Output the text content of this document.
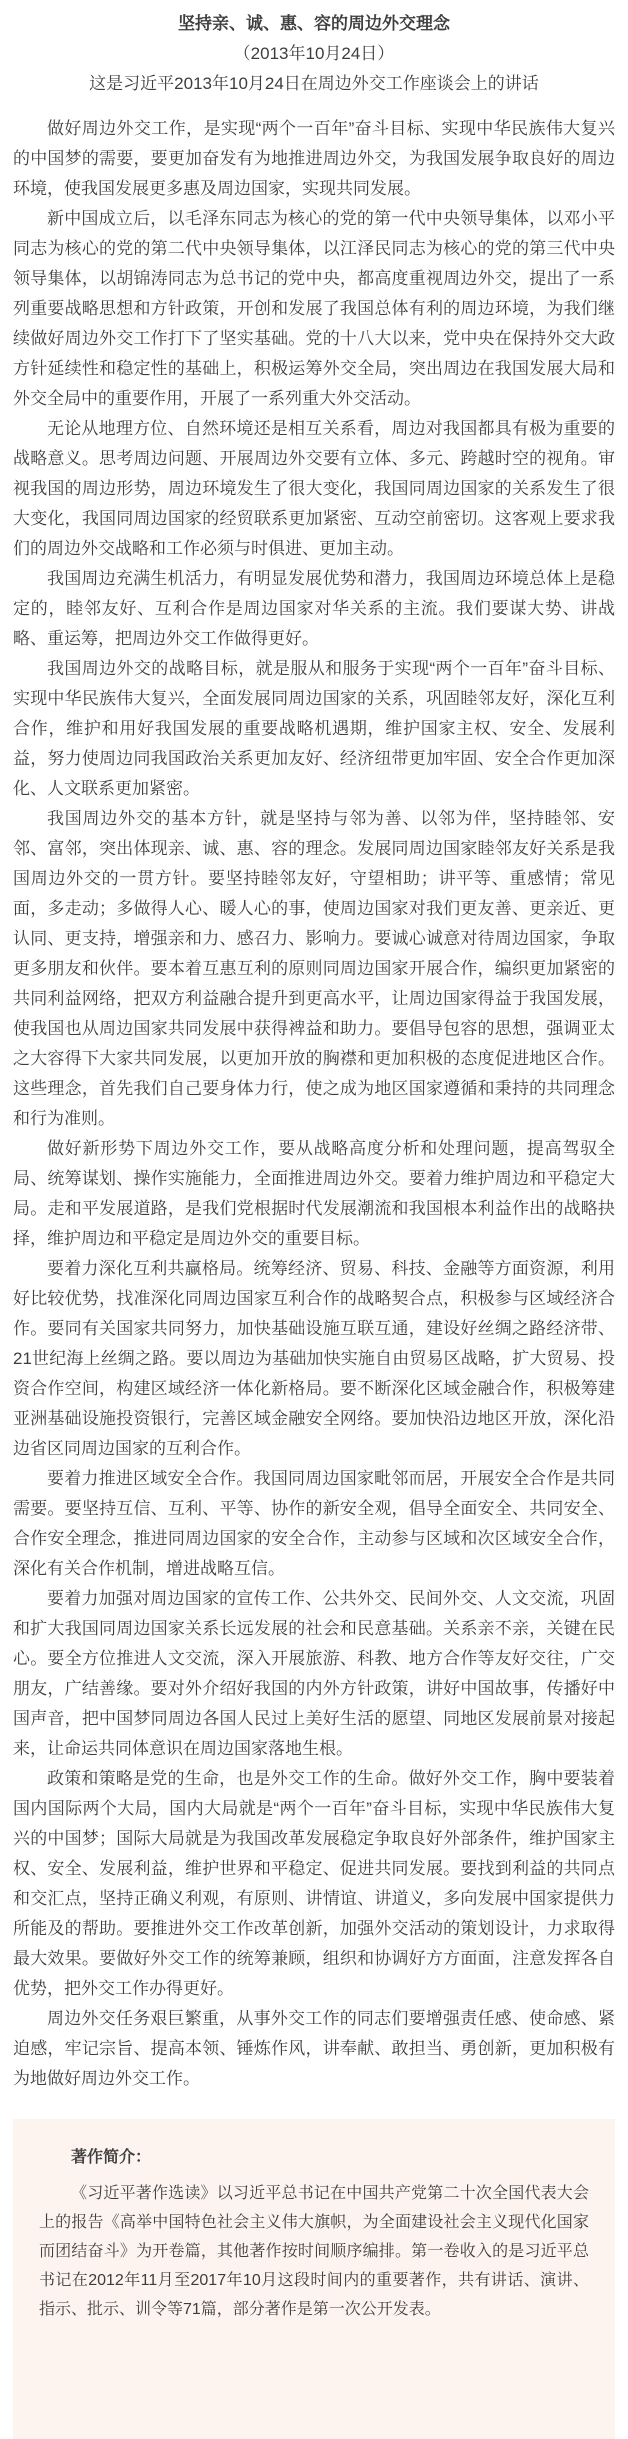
坚持亲、诚、惠、容的周边外交理念
（2013年10月24日）
这是习近平2013年10月24日在周边外交工作座谈会上的讲话

做好周边外交工作，是实现“两个一百年”奋斗目标、实现中华民族伟大复兴的中国梦的需要，要更加奋发有为地推进周边外交，为我国发展争取良好的周边环境，使我国发展更多惠及周边国家，实现共同发展。

新中国成立后，以毛泽东同志为核心的党的第一代中央领导集体，以邓小平同志为核心的党的第二代中央领导集体，以江泽民同志为核心的党的第三代中央领导集体，以胡锦涛同志为总书记的党中央，都高度重视周边外交，提出了一系列重要战略思想和方针政策，开创和发展了我国总体有利的周边环境，为我们继续做好周边外交工作打下了坚实基础。党的十八大以来，党中央在保持外交大政方针延续性和稳定性的基础上，积极运筹外交全局，突出周边在我国发展大局和外交全局中的重要作用，开展了一系列重大外交活动。

无论从地理方位、自然环境还是相互关系看，周边对我国都具有极为重要的战略意义。思考周边问题、开展周边外交要有立体、多元、跨越时空的视角。审视我国的周边形势，周边环境发生了很大变化，我国同周边国家的关系发生了很大变化，我国同周边国家的经贸联系更加紧密、互动空前密切。这客观上要求我们的周边外交战略和工作必须与时俱进、更加主动。

我国周边充满生机活力，有明显发展优势和潜力，我国周边环境总体上是稳定的，睦邻友好、互利合作是周边国家对华关系的主流。我们要谋大势、讲战略、重运筹，把周边外交工作做得更好。

我国周边外交的战略目标，就是服从和服务于实现“两个一百年”奋斗目标、实现中华民族伟大复兴，全面发展同周边国家的关系，巩固睦邻友好，深化互利合作，维护和用好我国发展的重要战略机遇期，维护国家主权、安全、发展利益，努力使周边同我国政治关系更加友好、经济纽带更加牢固、安全合作更加深化、人文联系更加紧密。

我国周边外交的基本方针，就是坚持与邻为善、以邻为伴，坚持睦邻、安邻、富邻，突出体现亲、诚、惠、容的理念。发展同周边国家睦邻友好关系是我国周边外交的一贯方针。要坚持睦邻友好，守望相助；讲平等、重感情；常见面，多走动；多做得人心、暖人心的事，使周边国家对我们更友善、更亲近、更认同、更支持，增强亲和力、感召力、影响力。要诚心诚意对待周边国家，争取更多朋友和伙伴。要本着互惠互利的原则同周边国家开展合作，编织更加紧密的共同利益网络，把双方利益融合提升到更高水平，让周边国家得益于我国发展，使我国也从周边国家共同发展中获得裨益和助力。要倡导包容的思想，强调亚太之大容得下大家共同发展，以更加开放的胸襟和更加积极的态度促进地区合作。这些理念，首先我们自己要身体力行，使之成为地区国家遵循和秉持的共同理念和行为准则。

做好新形势下周边外交工作，要从战略高度分析和处理问题，提高驾驭全局、统筹谋划、操作实施能力，全面推进周边外交。要着力维护周边和平稳定大局。走和平发展道路，是我们党根据时代发展潮流和我国根本利益作出的战略抉择，维护周边和平稳定是周边外交的重要目标。

要着力深化互利共赢格局。统筹经济、贸易、科技、金融等方面资源，利用好比较优势，找准深化同周边国家互利合作的战略契合点，积极参与区域经济合作。要同有关国家共同努力，加快基础设施互联互通，建设好丝绸之路经济带、21世纪海上丝绸之路。要以周边为基础加快实施自由贸易区战略，扩大贸易、投资合作空间，构建区域经济一体化新格局。要不断深化区域金融合作，积极筹建亚洲基础设施投资银行，完善区域金融安全网络。要加快沿边地区开放，深化沿边省区同周边国家的互利合作。

要着力推进区域安全合作。我国同周边国家毗邻而居，开展安全合作是共同需要。要坚持互信、互利、平等、协作的新安全观，倡导全面安全、共同安全、合作安全理念，推进同周边国家的安全合作，主动参与区域和次区域安全合作，深化有关合作机制，增进战略互信。

要着力加强对周边国家的宣传工作、公共外交、民间外交、人文交流，巩固和扩大我国同周边国家关系长远发展的社会和民意基础。关系亲不亲，关键在民心。要全方位推进人文交流，深入开展旅游、科教、地方合作等友好交往，广交朋友，广结善缘。要对外介绍好我国的内外方针政策，讲好中国故事，传播好中国声音，把中国梦同周边各国人民过上美好生活的愿望、同地区发展前景对接起来，让命运共同体意识在周边国家落地生根。

政策和策略是党的生命，也是外交工作的生命。做好外交工作，胸中要装着国内国际两个大局，国内大局就是“两个一百年”奋斗目标，实现中华民族伟大复兴的中国梦；国际大局就是为我国改革发展稳定争取良好外部条件，维护国家主权、安全、发展利益，维护世界和平稳定、促进共同发展。要找到利益的共同点和交汇点，坚持正确义利观，有原则、讲情谊、讲道义，多向发展中国家提供力所能及的帮助。要推进外交工作改革创新，加强外交活动的策划设计，力求取得最大效果。要做好外交工作的统筹兼顾，组织和协调好方方面面，注意发挥各自优势，把外交工作办得更好。

周边外交任务艰巨繁重，从事外交工作的同志们要增强责任感、使命感、紧迫感，牢记宗旨、提高本领、锤炼作风，讲奉献、敢担当、勇创新，更加积极有为地做好周边外交工作。

著作简介：

《习近平著作选读》以习近平总书记在中国共产党第二十次全国代表大会上的报告《高举中国特色社会主义伟大旗帜，为全面建设社会主义现代化国家而团结奋斗》为开卷篇，其他著作按时间顺序编排。第一卷收入的是习近平总书记在2012年11月至2017年10月这段时间内的重要著作，共有讲话、演讲、指示、批示、训令等71篇，部分著作是第一次公开发表。
